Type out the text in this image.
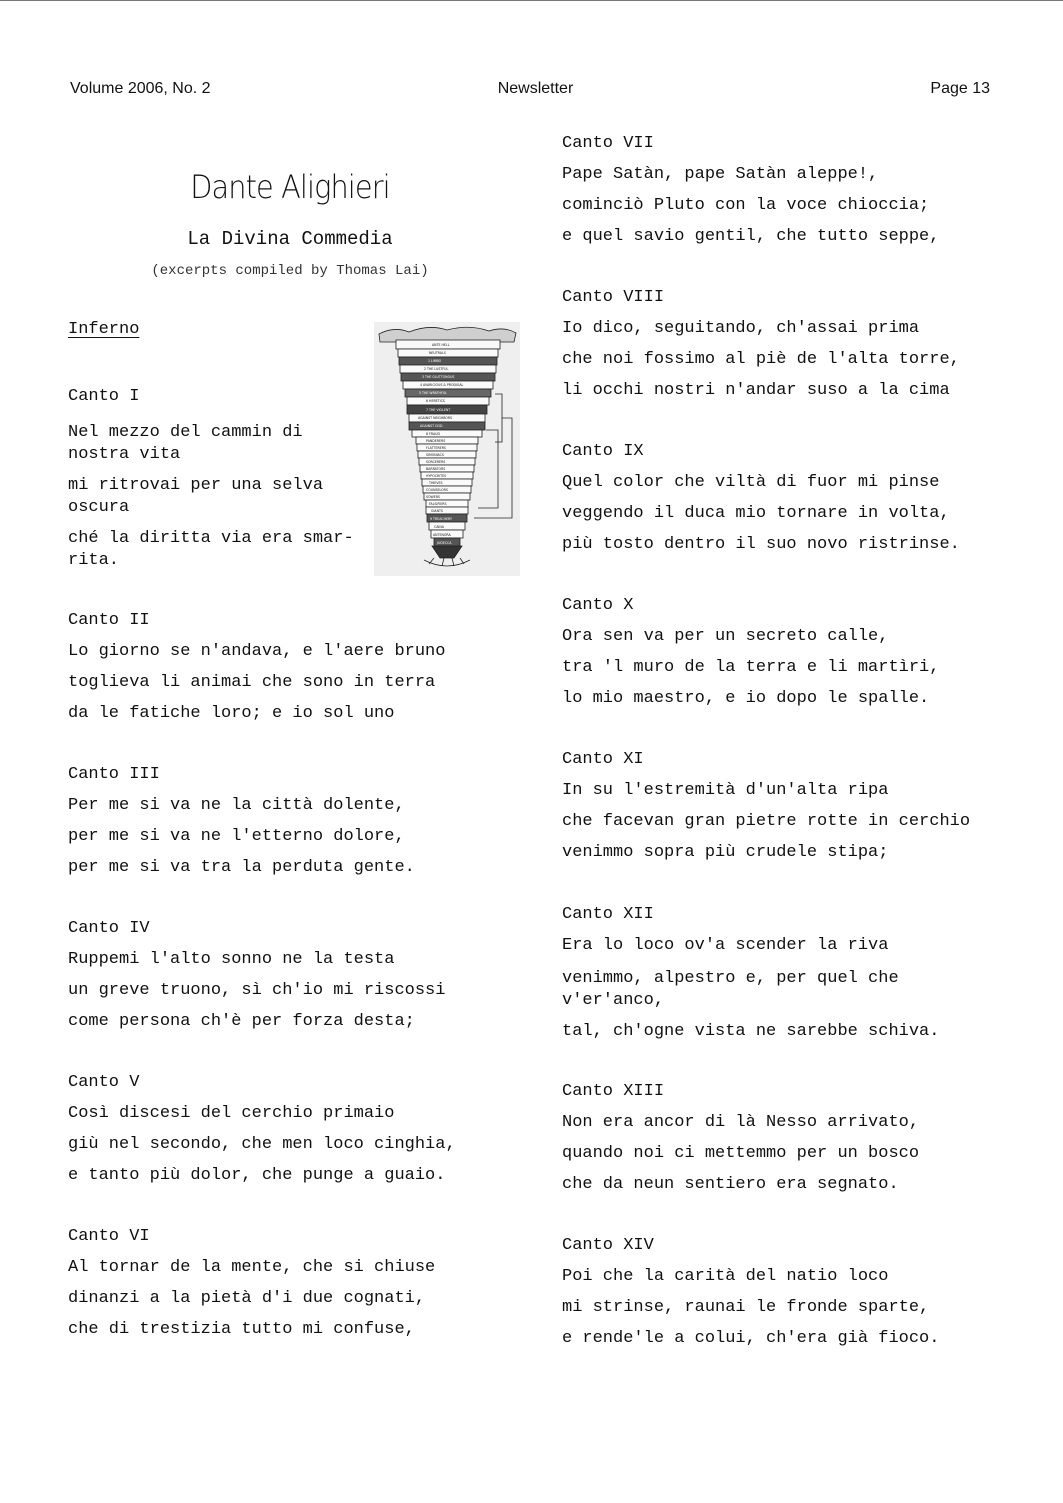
Volume 2006, No. 2	Newsletter	Page 13
Dante Alighieri
La Divina Commedia
(excerpts compiled by Thomas Lai)
Inferno
ANTE HELL
NEUTRALS
1 LIMBO
2 THE LUSTFUL
3 THE GLUTTONOUS
4 AVARICIOUS & PRODIGAL
5 THE WRATHFUL
6 HERETICS
7 THE VIOLENT
AGAINST NEIGHBORS
AGAINST GOD
8 FRAUD
PANDERERS
FLATTERERS
SIMONIACS
SORCERERS
BARRATORS
HYPOCRITES
THIEVES
COUNSELORS
SOWERS
FALSIFIERS
GIANTS
9 TREACHERY
CAINA
ANTENORA
JUDECCA
Canto I
Nel mezzo del cammin di nostra vita
mi ritrovai per una selva oscura
ché la diritta via era smar-rita.
Canto II
Lo giorno se n'andava, e l'aere bruno
toglieva li animai che sono in terra
da le fatiche loro; e io sol uno
Canto III
Per me si va ne la città dolente,
per me si va ne l'etterno dolore,
per me si va tra la perduta gente.
Canto IV
Ruppemi l'alto sonno ne la testa
un greve truono, sì ch'io mi riscossi
come persona ch'è per forza desta;
Canto V
Così discesi del cerchio primaio
giù nel secondo, che men loco cinghia,
e tanto più dolor, che punge a guaio.
Canto VI
Al tornar de la mente, che si chiuse
dinanzi a la pietà d'i due cognati,
che di trestizia tutto mi confuse,
Canto VII
Pape Satàn, pape Satàn aleppe!,
cominciò Pluto con la voce chioccia;
e quel savio gentil, che tutto seppe,
Canto VIII
Io dico, seguitando, ch'assai prima
che noi fossimo al piè de l'alta torre,
li occhi nostri n'andar suso a la cima
Canto IX
Quel color che viltà di fuor mi pinse
veggendo il duca mio tornare in volta,
più tosto dentro il suo novo ristrinse.
Canto X
Ora sen va per un secreto calle,
tra 'l muro de la terra e li martìri,
lo mio maestro, e io dopo le spalle.
Canto XI
In su l'estremità d'un'alta ripa
che facevan gran pietre rotte in cerchio
venimmo sopra più crudele stipa;
Canto XII
Era lo loco ov'a scender la riva
venimmo, alpestro e, per quel che v'er'anco,
tal, ch'ogne vista ne sarebbe schiva.
Canto XIII
Non era ancor di là Nesso arrivato,
quando noi ci mettemmo per un bosco
che da neun sentiero era segnato.
Canto XIV
Poi che la carità del natio loco
mi strinse, raunai le fronde sparte,
e rende'le a colui, ch'era già fioco.
